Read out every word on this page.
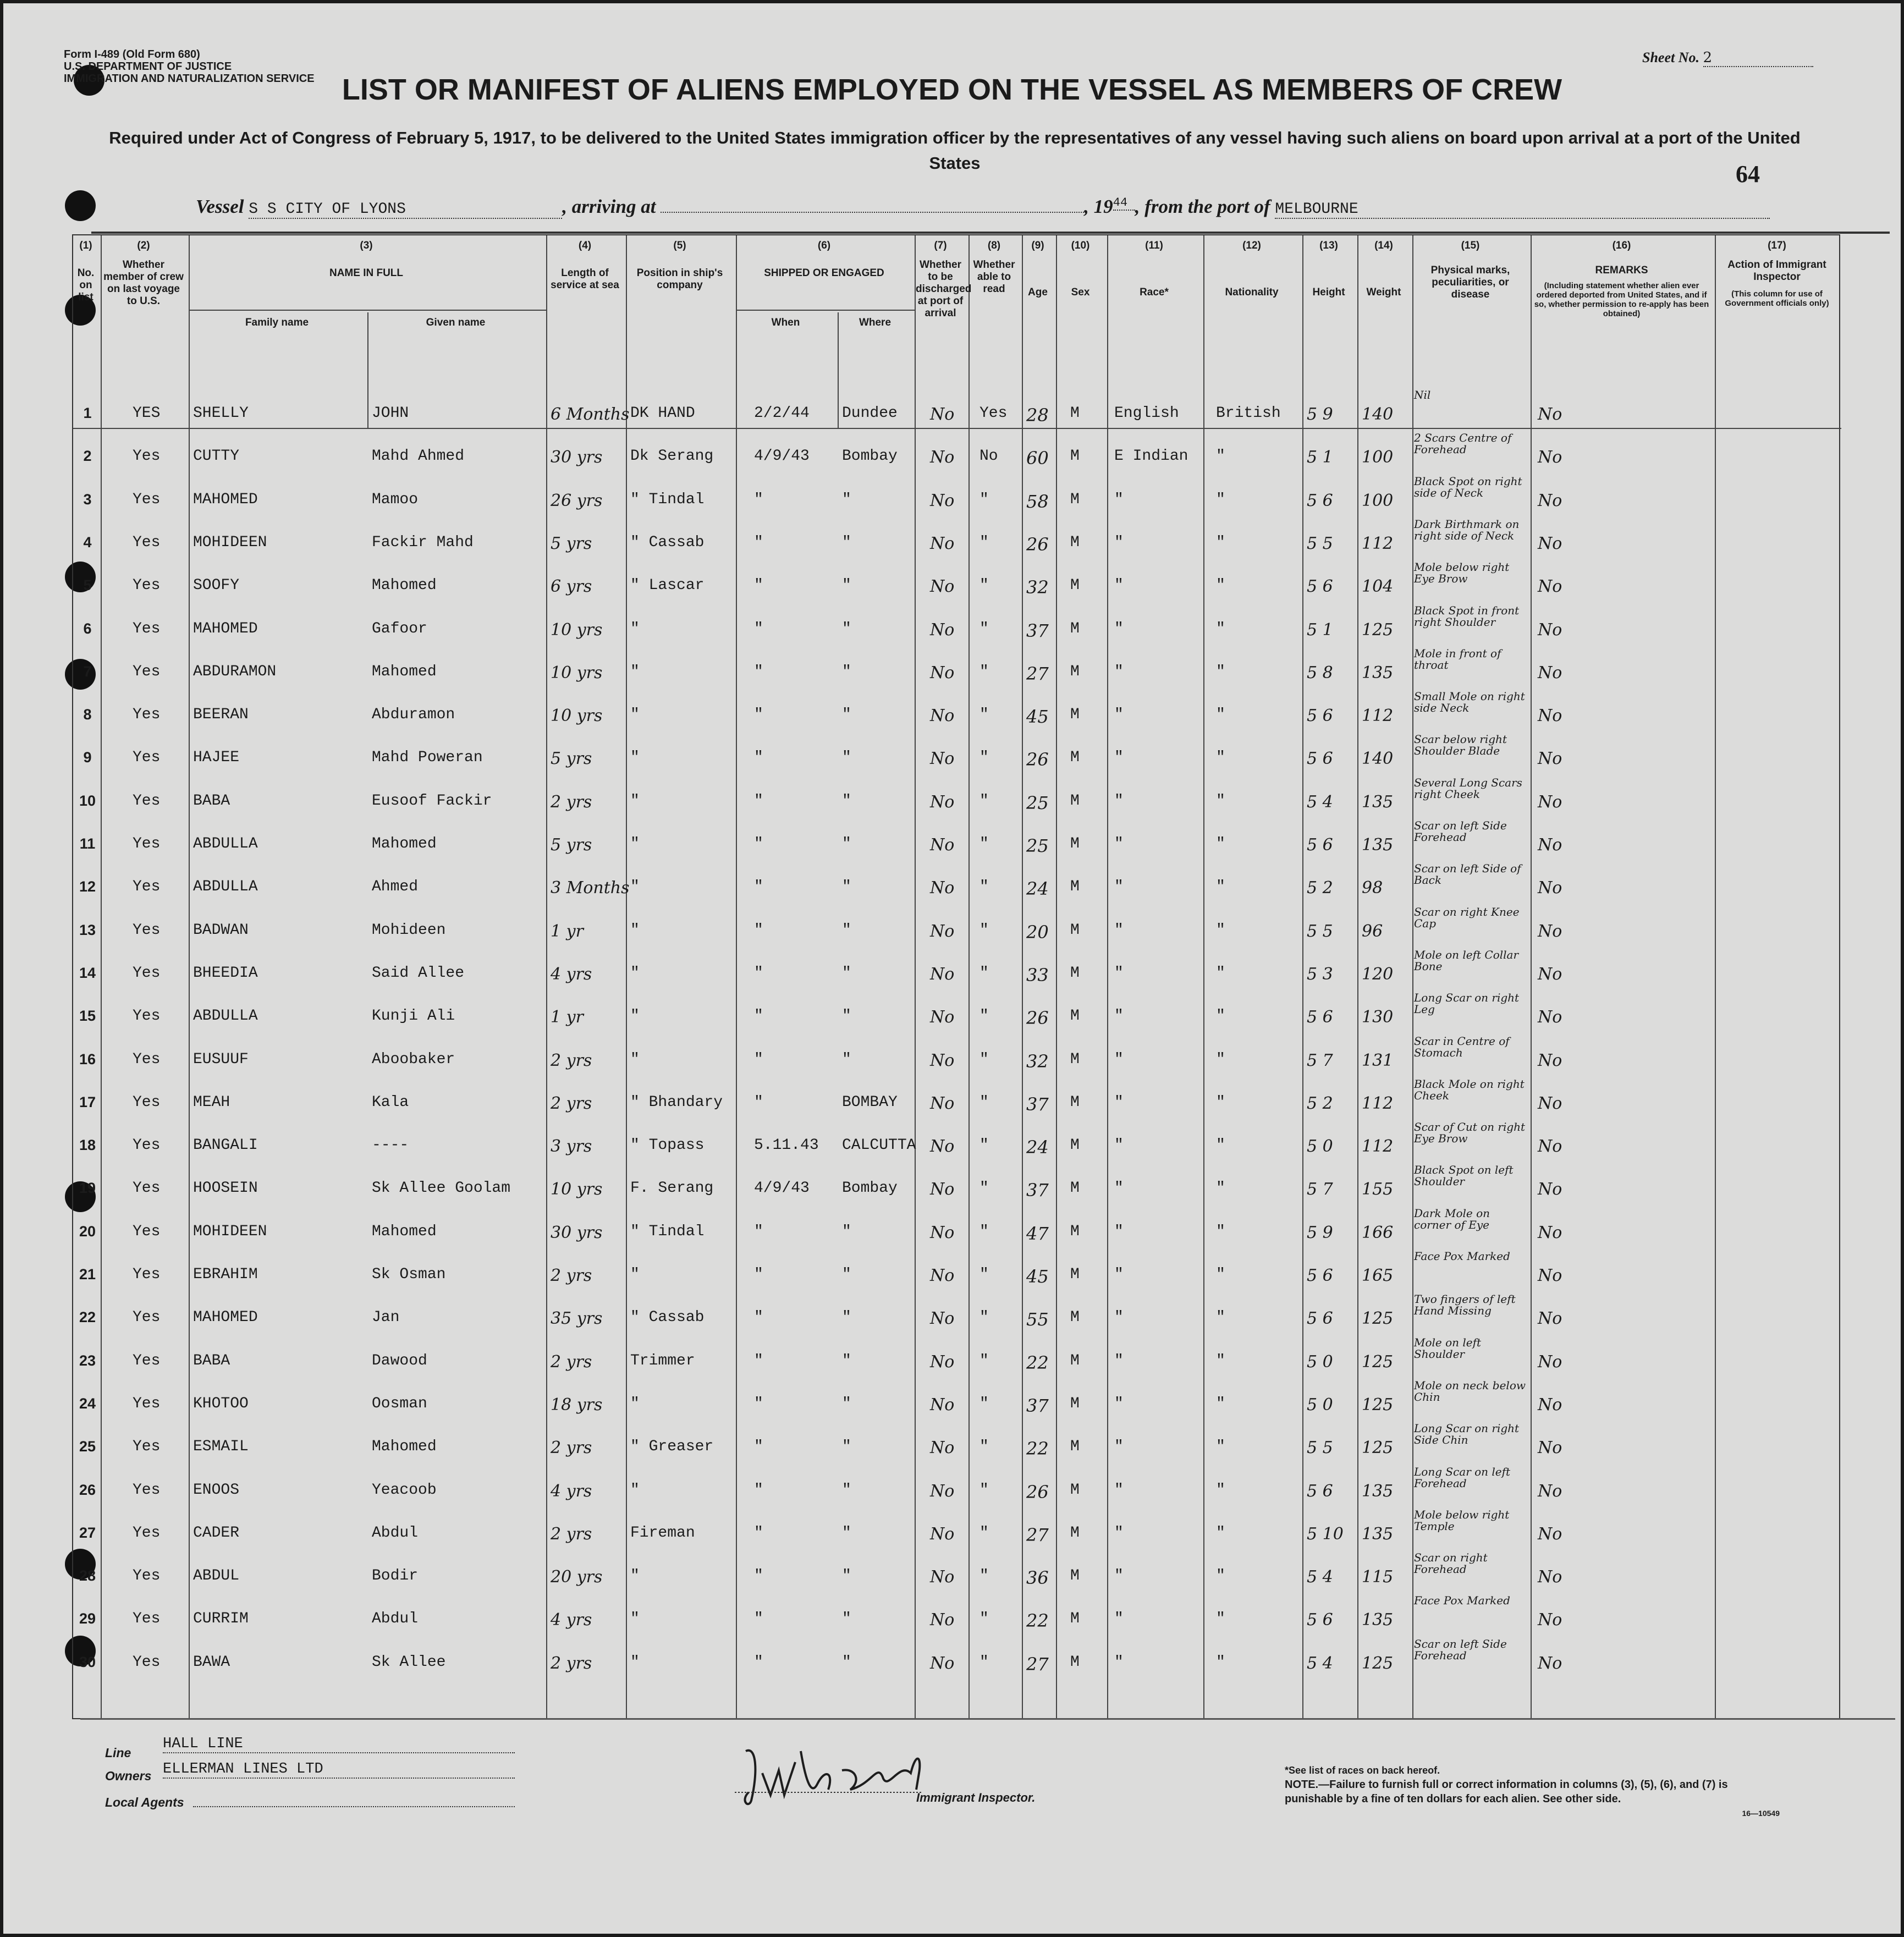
Form I-489 (Old Form 680)
U.S. DEPARTMENT OF JUSTICE
IMMIGRATION AND NATURALIZATION SERVICE
Sheet No. 2
LIST OR MANIFEST OF ALIENS EMPLOYED ON THE VESSEL AS MEMBERS OF CREW
Required under Act of Congress of February 5, 1917, to be delivered to the United States immigration officer by the representatives of any vessel having such aliens on board upon arrival at a port of the United States	64
Vessel S S CITY OF LYONS	, arriving at	, $19^{44}$ , from the port of MELBOURNE
(1)
No. on list
(2)
Whether member of crew on last voyage to U.S.
(3)
NAME IN FULL
(4)
Length of service at sea
(5)
Position in ship's company
(6)
SHIPPED OR ENGAGED
(7)
Whether to be discharged at port of arrival
(8)
Whether able to read
(9)
Age
(10)
Sex
(11)
Race*
(12)
Nationality
(13)
Height
(14)
Weight
(15)
Physical marks, peculiarities, or disease
(16)
REMARKS
(17)
Action of Immigrant Inspector
Family name	Given name	When	Where
(Including statement whether alien ever ordered deported from United States, and if so, whether permission to re-apply has been obtained)
(This column for use of Government officials only)
1	YES SHELLY	JOHN	6 Months DK HAND	2/2/44 Dundee No Yes 28 M English British 5 9 140
Nil
No
2	Yes CUTTY	Mahd Ahmed	30 yrs Dk Serang	4/9/43 Bombay No No 60 M E Indian "	5 1 100
2 Scars Centre of Forehead	No
3	Yes MAHOMED	Mamoo	26 yrs " Tindal	"	"	No " 58 M "	"	5 6 100
Black Spot on right side of Neck	No
4	Yes MOHIDEEN	Fackir Mahd	5 yrs " Cassab	"	"	No " 26 M "	"	5 5 112
Dark Birthmark on right side of Neck	No
5	Yes SOOFY	Mahomed	6 yrs " Lascar	"	"	No " 32 M "	"	5 6 104
Mole below right Eye Brow	No
6	Yes MAHOMED	Gafoor	10 yrs "	"	"	No " 37 M "	"	5 1 125
Black Spot in front right Shoulder	No
7	Yes ABDURAMON	Mahomed	10 yrs "	"	"	No " 27 M "	"	5 8 135
Mole in front of throat	No
8	Yes BEERAN	Abduramon	10 yrs "	"	"	No " 45 M "	"	5 6 112
Small Mole on right side Neck	No
9	Yes HAJEE	Mahd Poweran	5 yrs "	"	"	No " 26 M "	"	5 6 140
Scar below right Shoulder Blade	No
10 Yes BABA	Eusoof Fackir	2 yrs "	"	"	No " 25 M "	"	5 4 135
Several Long Scars right Cheek	No
11 Yes ABDULLA	Mahomed	5 yrs "	"	"	No " 25 M "	"	5 6 135
Scar on left Side Forehead	No
12 Yes ABDULLA	Ahmed	3 Months "	"	"	No " 24 M "	"	5 2 98
Scar on left Side of Back	No
13 Yes BADWAN	Mohideen	1 yr	"	"	"	No " 20 M "	"	5 5 96
Scar on right Knee Cap	No
14 Yes BHEEDIA	Said Allee	4 yrs "	"	"	No " 33 M "	"	5 3 120
Mole on left Collar Bone	No
15 Yes ABDULLA	Kunji Ali	1 yr	"	"	"	No " 26 M "	"	5 6 130
Long Scar on right Leg	No
16 Yes EUSUUF	Aboobaker	2 yrs "	"	"	No " 32 M "	"	5 7 131
Scar in Centre of Stomach	No
17 Yes MEAH	Kala	2 yrs " Bhandary "	BOMBAY No " 37 M "	"	5 2 112
Black Mole on right Cheek	No
18 Yes BANGALI	----	3 yrs " Topass	5.11.43 CALCUTTA No " 24 M "	"	5 0 112
Scar of Cut on right Eye Brow	No
19 Yes HOOSEIN	Sk Allee Goolam 10 yrs F. Serang	4/9/43 Bombay No " 37 M "	"	5 7 155
Black Spot on left Shoulder	No
20 Yes MOHIDEEN	Mahomed	30 yrs " Tindal	"	"	No " 47 M "	"	5 9 166
Dark Mole on corner of Eye	No
21 Yes EBRAHIM	Sk Osman	2 yrs "	"	"	No " 45 M "	"	5 6 165
Face Pox Marked
No
22 Yes MAHOMED	Jan	35 yrs " Cassab	"	"	No " 55 M "	"	5 6 125
Two fingers of left Hand Missing	No
23 Yes BABA	Dawood	2 yrs Trimmer	"	"	No " 22 M "	"	5 0 125
Mole on left Shoulder	No
24 Yes KHOTOO	Oosman	18 yrs "	"	"	No " 37 M "	"	5 0 125
Mole on neck below Chin	No
25 Yes ESMAIL	Mahomed	2 yrs " Greaser	"	"	No " 22 M "	"	5 5 125
Long Scar on right Side Chin	No
26 Yes ENOOS	Yeacoob	4 yrs "	"	"	No " 26 M "	"	5 6 135
Long Scar on left Forehead	No
27 Yes CADER	Abdul	2 yrs Fireman	"	"	No " 27 M "	"	5 10 135
Mole below right Temple	No
28 Yes ABDUL	Bodir	20 yrs "	"	"	No " 36 M "	"	5 4 115
Scar on right Forehead	No
29 Yes CURRIM	Abdul	4 yrs "	"	"	No " 22 M "	"	5 6 135
Face Pox Marked
No
30 Yes BAWA	Sk Allee	2 yrs "	"	"	No " 27 M "	"	5 4 125
Scar on left Side Forehead	No
Line
HALL LINE
Owners ELLERMAN LINES LTD
Local Agents	Immigrant Inspector.
*See list of races on back hereof.
NOTE.—Failure to furnish full or correct information in columns (3), (5), (6), and (7) is punishable by a fine of ten dollars for each alien. See other side.
16—10549
